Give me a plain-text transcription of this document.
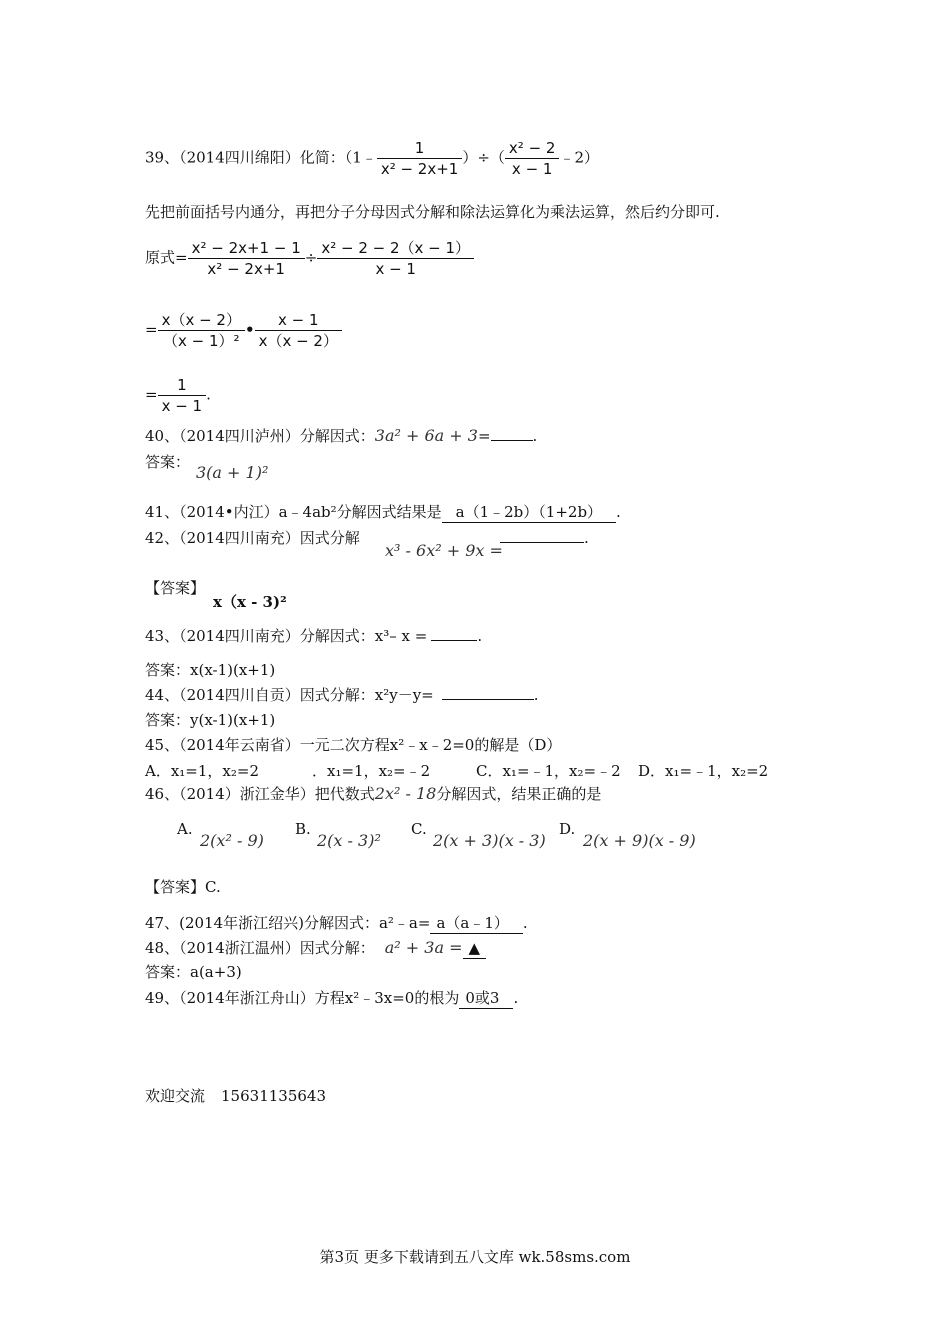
39、（2014四川绵阳）化简：（1﹣ $\frac{1}{\text{x² − 2x+1}}$ ）÷（ $\frac{\text{x² − 2}}{x - 1}$ ﹣2）
先把前面括号内通分，再把分子分母因式分解和除法运算化为乘法运算，然后约分即可.
原式= $\frac{\text{x² − 2x+1 − 1}}{\text{x² − 2x+1}} \div \frac{\text{x² − 2 − 2（x − 1）}}{x - 1}$
= $\frac{x(x - 2)}{\text{（x − 1）²}}$ • $\frac{x - 1}{x(x - 2)}$
= $\frac{1}{x - 1}$ .
40、（2014四川泸州）分解因式：3a² + 6a + 3=	.
答案：
3(a + 1)²
41、（2014•内江）a﹣4ab²分解因式结果是 a（1﹣2b）（1+2b） .
42、（2014四川南充）因式分解
x³ - 6x² + 9x =
.
【答案】
x（x - 3)²
43、（2014四川南充）分解因式：x³– x =	.
答案：x(x-1)(x+1)
44、（2014四川自贡）因式分解：x²y－y=	.
答案：y(x-1)(x+1)
45、（2014年云南省）一元二次方程x²﹣x﹣2=0的解是（D）
A．x₁=1，x₂=2	．x₁=1，x₂=﹣2	C．x₁=﹣1，x₂=﹣2 D．x₁=﹣1，x₂=2
46、（2014）浙江金华）把代数式2x² - 18分解因式，结果正确的是
A.
2(x² - 9)
B.
2(x - 3)²
C.
2(x + 3)(x - 3)
D.
2(x + 9)(x - 9)
【答案】C.
47、(2014年浙江绍兴)分解因式：a²﹣a= a（a﹣1） .
48、（2014浙江温州）因式分解： a² + 3a = ▲
答案：a(a+3)
49、（2014年浙江舟山）方程x²﹣3x=0的根为 0或3 .
欢迎交流 15631135643
第3页 更多下载请到五八文库 wk.58sms.com
